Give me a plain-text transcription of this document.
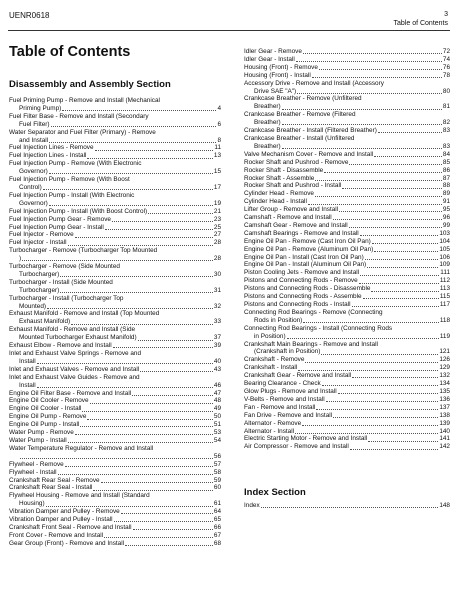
UENR0618	3
Table of Contents
Table of Contents
Disassembly and Assembly Section
Index Section
Fuel Priming Pump - Remove and Install (Mechanical
Priming Pump)	4
Fuel Filter Base - Remove and Install (Secondary
Fuel Filter)	6
Water Separator and Fuel Filter (Primary) - Remove
and Install	8
Fuel Injection Lines - Remove	11
Fuel Injection Lines - Install	13
Fuel Injection Pump - Remove (With Electronic
Governor)	15
Fuel Injection Pump - Remove (With Boost
Control)	17
Fuel Injection Pump - Install (With Electronic
Governor)	19
Fuel Injection Pump - Install (With Boost Control)	21
Fuel Injection Pump Gear - Remove	23
Fuel Injection Pump Gear - Install	25
Fuel Injector - Remove	27
Fuel Injector - Install	28
Turbocharger - Remove (Turbocharger Top Mounted
)	28
Turbocharger - Remove (Side Mounted
Turbocharger)	30
Turbocharger - Install (Side Mounted
Turbocharger)	31
Turbocharger - Install (Turbocharger Top
Mounted)	32
Exhaust Manifold - Remove and Install (Top Mounted
Exhaust Manifold)	33
Exhaust Manifold - Remove and Install (Side
Mounted Turbocharger Exhaust Manifold)	37
Exhaust Elbow - Remove and Install	39
Inlet and Exhaust Valve Springs - Remove and
Install	40
Inlet and Exhaust Valves - Remove and Install	43
Inlet and Exhaust Valve Guides - Remove and
Install	46
Engine Oil Filter Base - Remove and Install	47
Engine Oil Cooler - Remove	48
Engine Oil Cooler - Install	49
Engine Oil Pump - Remove	50
Engine Oil Pump - Install	51
Water Pump - Remove	53
Water Pump - Install	54
Water Temperature Regulator - Remove and Install
56
Flywheel - Remove	57
Flywheel - Install	58
Crankshaft Rear Seal - Remove	59
Crankshaft Rear Seal - Install	60
Flywheel Housing - Remove and Install (Standard
Housing)	61
Vibration Damper and Pulley - Remove	64
Vibration Damper and Pulley - Install	65
Crankshaft Front Seal - Remove and Install	66
Front Cover - Remove and Install	67
Gear Group (Front) - Remove and Install	68
Idler Gear - Remove	72
Idler Gear - Install	74
Housing (Front) - Remove	76
Housing (Front) - Install	78
Accessory Drive - Remove and Install (Accessory
Drive SAE "A")	80
Crankcase Breather - Remove (Unfiltered
Breather)	81
Crankcase Breather - Remove (Filtered
Breather)	82
Crankcase Breather - Install (Filtered Breather)	83
Crankcase Breather - Install (Unfiltered
Breather)	83
Valve Mechanism Cover - Remove and Install	84
Rocker Shaft and Pushrod - Remove	85
Rocker Shaft - Disassemble	86
Rocker Shaft - Assemble	87
Rocker Shaft and Pushrod - Install	88
Cylinder Head - Remove	89
Cylinder Head - Install	91
Lifter Group - Remove and Install	95
Camshaft - Remove and Install	96
Camshaft Gear - Remove and Install	99
Camshaft Bearings - Remove and Install	103
Engine Oil Pan - Remove (Cast Iron Oil Pan)	104
Engine Oil Pan - Remove (Aluminum Oil Pan)	105
Engine Oil Pan - Install (Cast Iron Oil Pan)	106
Engine Oil Pan - Install (Aluminum Oil Pan)	109
Piston Cooling Jets - Remove and Install	111
Pistons and Connecting Rods - Remove	112
Pistons and Connecting Rods - Disassemble	113
Pistons and Connecting Rods - Assemble	115
Pistons and Connecting Rods - Install	117
Connecting Rod Bearings - Remove (Connecting
Rods in Position)	118
Connecting Rod Bearings - Install (Connecting Rods
in Position)	119
Crankshaft Main Bearings - Remove and Install
(Crankshaft in Position)	121
Crankshaft - Remove	126
Crankshaft - Install	129
Crankshaft Gear - Remove and Install	132
Bearing Clearance - Check	134
Glow Plugs - Remove and Install	135
V-Belts - Remove and Install	136
Fan - Remove and Install	137
Fan Drive - Remove and Install	138
Alternator - Remove	139
Alternator - Install	140
Electric Starting Motor - Remove and Install	141
Air Compressor - Remove and Install	142
Index	148
